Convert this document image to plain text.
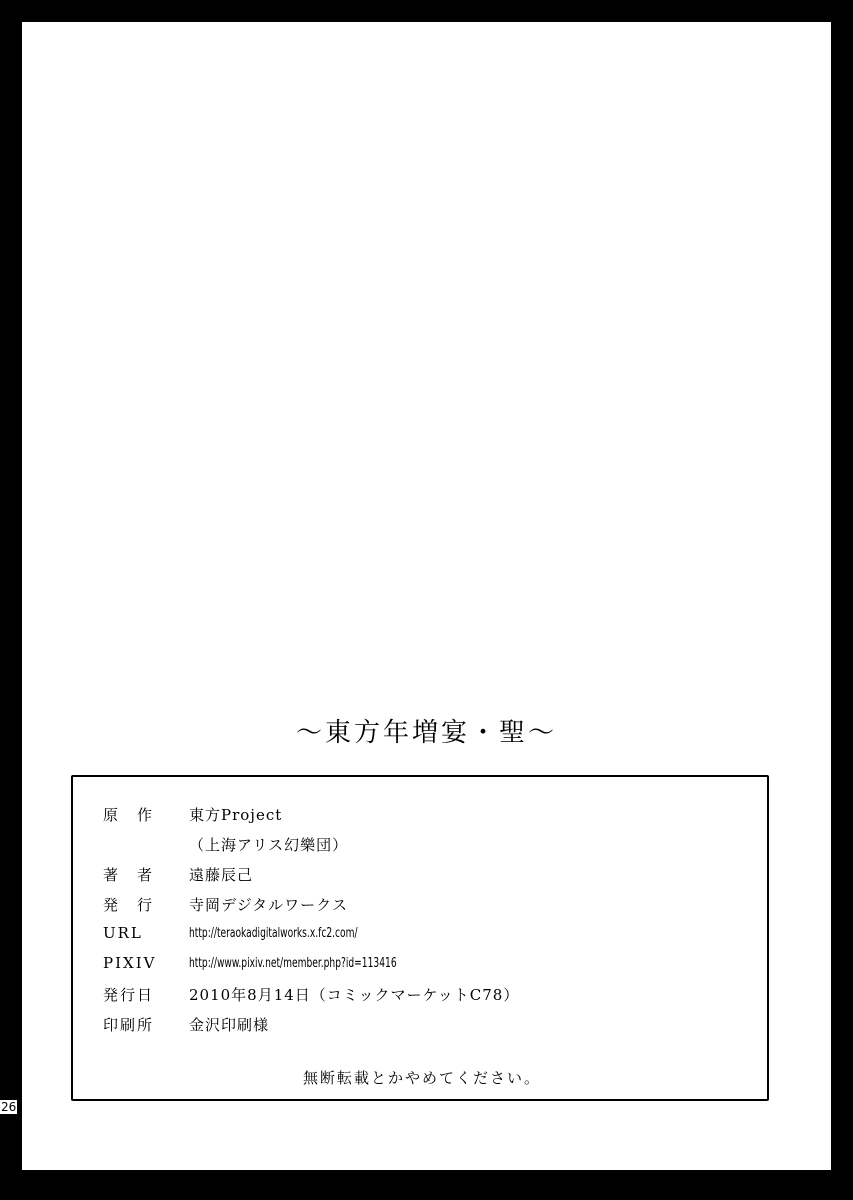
〜東方年増宴・聖〜
原　作	東方Project
（上海アリス幻樂団）
著　者	遠藤辰己
発　行	寺岡デジタルワークス
URL	http://teraokadigitalworks.x.fc2.com/
PIXIV	http://www.pixiv.net/member.php?id=113416
発行日	2010年8月14日（コミックマーケットC78）
印刷所	金沢印刷様
無断転載とかやめてください。
26
